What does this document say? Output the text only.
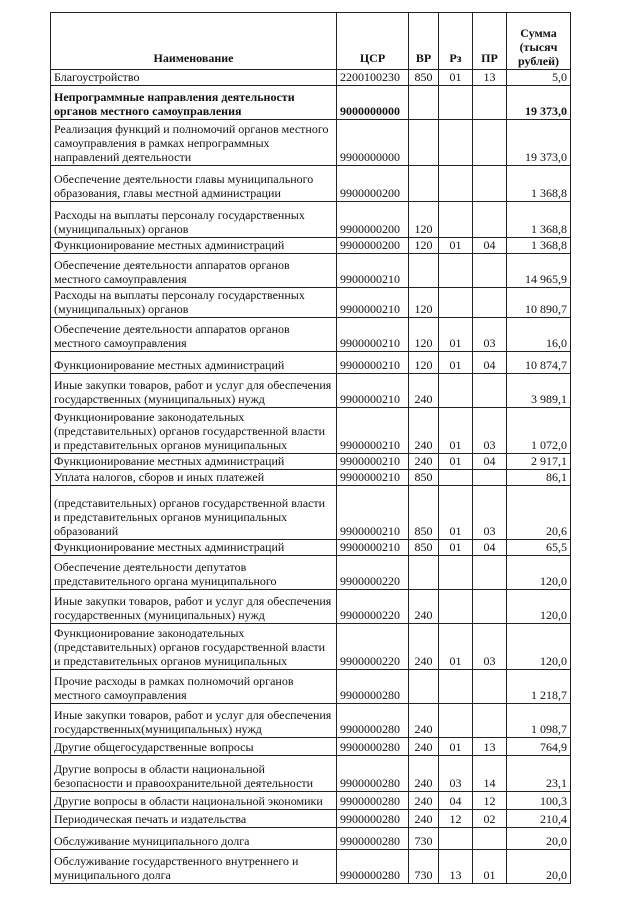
Наименование	ЦСР	ВР	Рз	ПР	Сумма (тысяч рублей)
Благоустройство	2200100230	850	01	13	5,0
Непрограммные направления деятельности органов местного самоуправления	9000000000				19 373,0
Реализация функций и полномочий органов местного самоуправления в рамках непрограммных направлений деятельности	9900000000				19 373,0
Обеспечение деятельности главы муниципального образования, главы местной администрации	9900000200				1 368,8
Расходы на выплаты персоналу государственных (муниципальных) органов	9900000200	120			1 368,8
Функционирование местных администраций	9900000200	120	01	04	1 368,8
Обеспечение деятельности аппаратов органов местного самоуправления	9900000210				14 965,9
Расходы на выплаты персоналу государственных (муниципальных) органов	9900000210	120			10 890,7
Обеспечение деятельности аппаратов органов местного самоуправления	9900000210	120	01	03	16,0
Функционирование местных администраций	9900000210	120	01	04	10 874,7
Иные закупки товаров, работ и услуг для обеспечения государственных (муниципальных) нужд	9900000210	240			3 989,1
Функционирование законодательных (представительных) органов государственной власти и представительных органов муниципальных	9900000210	240	01	03	1 072,0
Функционирование местных администраций	9900000210	240	01	04	2 917,1
Уплата налогов, сборов и иных платежей	9900000210	850			86,1
(представительных) органов государственной власти и представительных органов муниципальных образований	9900000210	850	01	03	20,6
Функционирование местных администраций	9900000210	850	01	04	65,5
Обеспечение деятельности депутатов представительного органа муниципального	9900000220				120,0
Иные закупки товаров, работ и услуг для обеспечения государственных (муниципальных) нужд	9900000220	240			120,0
Функционирование законодательных (представительных) органов государственной власти и представительных органов муниципальных	9900000220	240	01	03	120,0
Прочие расходы в рамках полномочий органов местного самоуправления	9900000280				1 218,7
Иные закупки товаров, работ и услуг для обеспечения государственных(муниципальных) нужд	9900000280	240			1 098,7
Другие общегосударственные вопросы	9900000280	240	01	13	764,9
Другие вопросы в области национальной безопасности и правоохранительной деятельности	9900000280	240	03	14	23,1
Другие вопросы в области национальной экономики	9900000280	240	04	12	100,3
Периодическая печать и издательства	9900000280	240	12	02	210,4
Обслуживание муниципального долга	9900000280	730			20,0
Обслуживание государственного внутреннего и муниципального долга	9900000280	730	13	01	20,0
